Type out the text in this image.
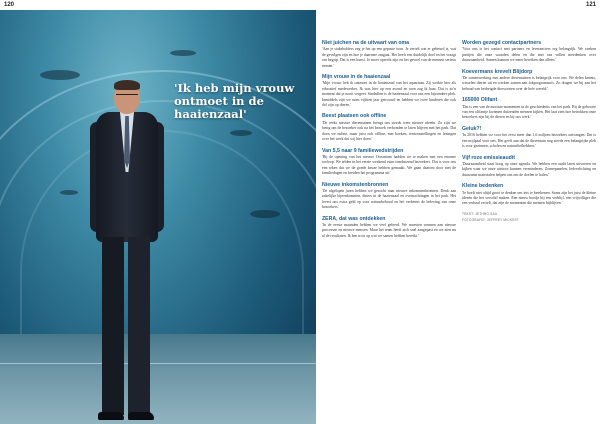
120	121
'Ik heb mijn vrouw ontmoet in de haaienzaal'
Niet juichen na de uitvaart van oma

'Aan je stakeholders zeg je het op een gepaste toon. Je vertelt wat er gebeurd is, wat de gevolgen zijn en hoe je daarmee omgaat. Het heeft een duidelijk doel en het vraagt om begrip. Dat is een kunst. Je moet oprecht zijn en het gevoel van de mensen serieus nemen.'

Mijn vrouw in de haaienzaal

'Mijn vrouw heb ik ontmoet in de haaienzaal van het aquarium. Zij werkte hier als educatief medewerker. Ik was hier op een avond en toen zag ik haar. Dat is zo'n moment dat je nooit vergeet. Sindsdien is de haaienzaal voor ons een bijzondere plek. Inmiddels zijn we ruim vijftien jaar getrouwd en hebben we twee kinderen die ook dol zijn op dieren.'

Beest plaatsen ook offline

'De reeks nieuwe dierentuinen brengt ons steeds weer nieuwe ideeën. Zo zijn we bezig om de bezoeker ook na het bezoek verbonden te laten blijven met het park. Dat doen we online, maar juist ook offline, met boeken, tentoonstellingen en lezingen over het werk dat wij hier doen.'

Van 5,5 naar 9 familiewedstrijden

'Bij de opening van het nieuwe Oceanium hadden we te maken met een enorme toeloop. We telden in het eerste weekend ruim tienduizend bezoekers. Dat is voor ons een teken dat we de goede keuze hebben gemaakt. We gaan daarom door met de familiedagen en breiden het programma uit.'

Nieuwe inkomstenbronnen

'De afgelopen jaren hebben we gezocht naar nieuwe inkomstenbronnen. Denk aan zakelijke bijeenkomsten, diners in de haaienzaal en overnachtingen in het park. Het levert ons extra geld op voor natuurbehoud en het verbetert de beleving van onze bezoekers.'

ZERA, dat was ontdekken

'In de eerste maanden hebben we veel geleerd. We moesten wennen aan nieuwe processen en nieuwe mensen. Maar het team heeft zich snel aangepast en we zien nu al de resultaten. Ik ben trots op wat we samen hebben bereikt.'

Worden gezegd contactpartners

'Voor ons is het contact met partners en leveranciers erg belangrijk. We zoeken partijen die onze waarden delen en die met ons willen meedenken over duurzaamheid. Samen kunnen we meer bereiken dan alleen.'

Koevermans krevelt Blijdorp

'De samenwerking met andere dierentuinen is belangrijk voor ons. We delen kennis, wisselen dieren uit en werken samen aan fokprogramma's. Zo dragen we bij aan het behoud van bedreigde diersoorten over de hele wereld.'

165000 Olifant

'Dat is een van de mooiste momenten in de geschiedenis van het park. Bij de geboorte van een olifantje kwamen duizenden mensen kijken. Het laat zien hoe betrokken onze bezoekers zijn bij de dieren en bij ons werk.'

Geluk?!

'In 2016 hebben we voor het eerst meer dan 1,6 miljoen bezoekers ontvangen. Dat is een mijlpaal voor ons. Het geeft aan dat de dierentuin nog steeds een belangrijke plek is voor gezinnen, scholen en natuurliefhebbers.'

Vijf roze emissieaudit

'Duurzaamheid staat hoog op onze agenda. We hebben een audit laten uitvoeren en kijken waar we onze uitstoot kunnen verminderen. Zonnepanelen, ledverlichting en duurzame materialen helpen ons om de doelen te halen.'

Kleine bedenken

'Je hoeft niet altijd groot te denken om iets te betekenen. Soms zijn het juist de kleine ideeën die het verschil maken. Een nieuw bordje bij een verblijf, een vrijwilliger die een verhaal vertelt, dat zijn de momenten die mensen bijblijven.'

TEKST: JETHRO SAU
FOTOGRAFIE: JEFFREY MICKEST
